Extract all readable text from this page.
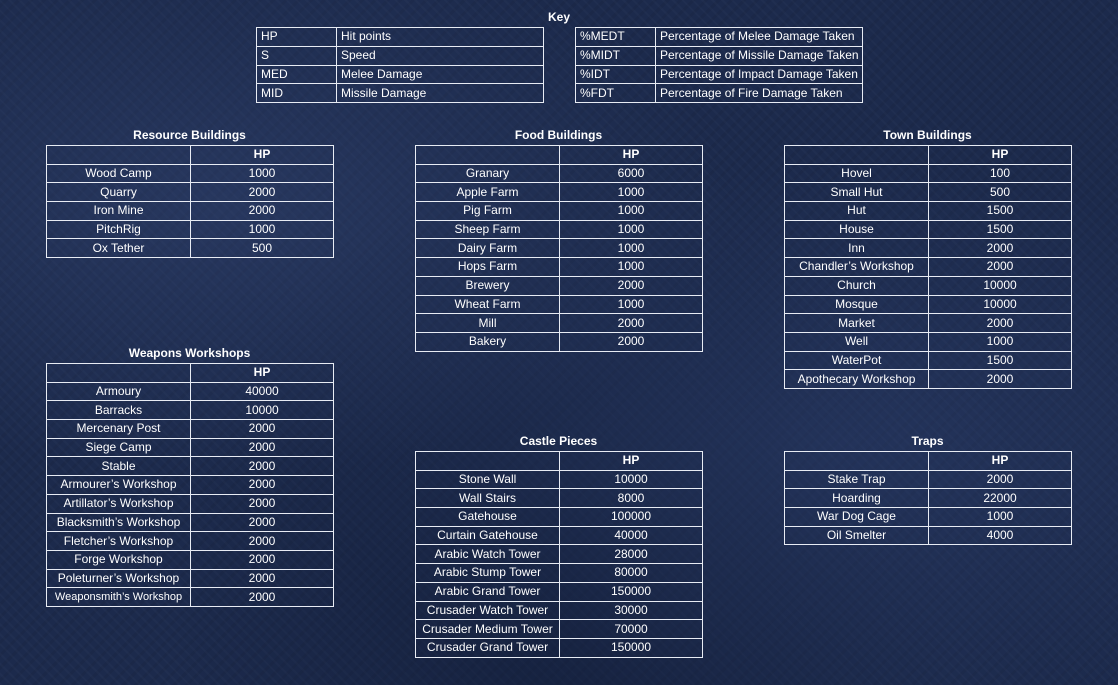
Key
HP	Hit points
S	Speed
MED	Melee Damage
MID	Missile Damage
%MEDT	Percentage of Melee Damage Taken
%MIDT	Percentage of Missile Damage Taken
%IDT	Percentage of Impact Damage Taken
%FDT	Percentage of Fire Damage Taken
Resource Buildings
	HP
Wood Camp	1000
Quarry	2000
Iron Mine	2000
PitchRig	1000
Ox Tether	500
Food Buildings
	HP
Granary	6000
Apple Farm	1000
Pig Farm	1000
Sheep Farm	1000
Dairy Farm	1000
Hops Farm	1000
Brewery	2000
Wheat Farm	1000
Mill	2000
Bakery	2000
Town Buildings
	HP
Hovel	100
Small Hut	500
Hut	1500
House	1500
Inn	2000
Chandler’s Workshop	2000
Church	10000
Mosque	10000
Market	2000
Well	1000
WaterPot	1500
Apothecary Workshop	2000
Weapons Workshops
	HP
Armoury	40000
Barracks	10000
Mercenary Post	2000
Siege Camp	2000
Stable	2000
Armourer’s Workshop	2000
Artillator’s Workshop	2000
Blacksmith’s Workshop	2000
Fletcher’s Workshop	2000
Forge Workshop	2000
Poleturner’s Workshop	2000
Weaponsmith’s Workshop	2000
Castle Pieces
	HP
Stone Wall	10000
Wall Stairs	8000
Gatehouse	100000
Curtain Gatehouse	40000
Arabic Watch Tower	28000
Arabic Stump Tower	80000
Arabic Grand Tower	150000
Crusader Watch Tower	30000
Crusader Medium Tower	70000
Crusader Grand Tower	150000
Traps
	HP
Stake Trap	2000
Hoarding	22000
War Dog Cage	1000
Oil Smelter	4000
